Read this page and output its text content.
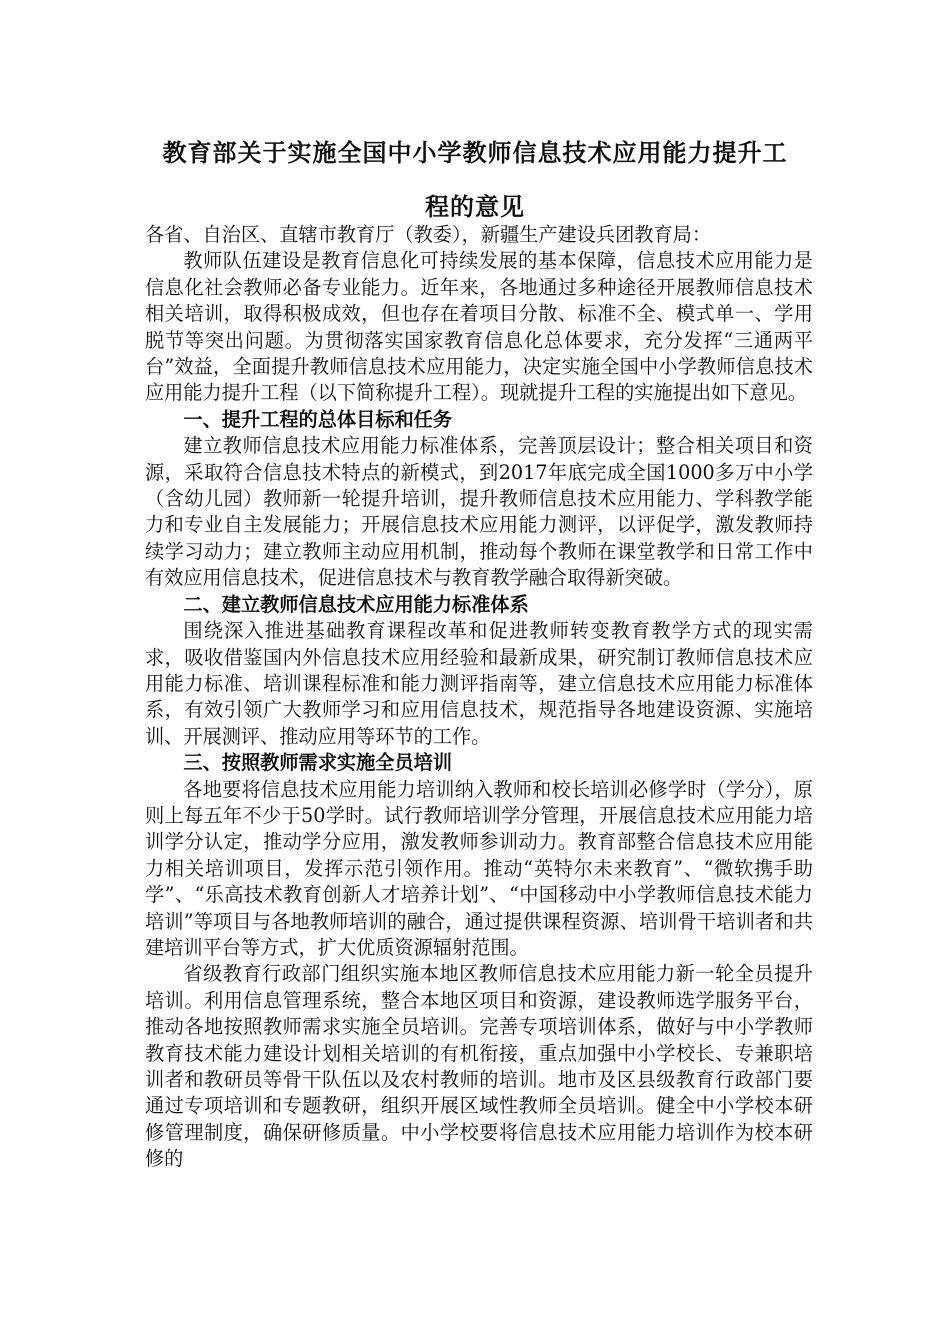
教育部关于实施全国中小学教师信息技术应用能力提升工
程的意见

各省、自治区、直辖市教育厅（教委），新疆生产建设兵团教育局：

教师队伍建设是教育信息化可持续发展的基本保障，信息技术应用能力是信息化社会教师必备专业能力。近年来，各地通过多种途径开展教师信息技术相关培训，取得积极成效，但也存在着项目分散、标准不全、模式单一、学用脱节等突出问题。为贯彻落实国家教育信息化总体要求，充分发挥“三通两平台”效益，全面提升教师信息技术应用能力，决定实施全国中小学教师信息技术应用能力提升工程（以下简称提升工程）。现就提升工程的实施提出如下意见。

一、提升工程的总体目标和任务

建立教师信息技术应用能力标准体系，完善顶层设计；整合相关项目和资源，采取符合信息技术特点的新模式，到2017年底完成全国1000多万中小学（含幼儿园）教师新一轮提升培训，提升教师信息技术应用能力、学科教学能力和专业自主发展能力；开展信息技术应用能力测评，以评促学，激发教师持续学习动力；建立教师主动应用机制，推动每个教师在课堂教学和日常工作中有效应用信息技术，促进信息技术与教育教学融合取得新突破。

二、建立教师信息技术应用能力标准体系

围绕深入推进基础教育课程改革和促进教师转变教育教学方式的现实需求，吸收借鉴国内外信息技术应用经验和最新成果，研究制订教师信息技术应用能力标准、培训课程标准和能力测评指南等，建立信息技术应用能力标准体系，有效引领广大教师学习和应用信息技术，规范指导各地建设资源、实施培训、开展测评、推动应用等环节的工作。

三、按照教师需求实施全员培训

各地要将信息技术应用能力培训纳入教师和校长培训必修学时（学分），原则上每五年不少于50学时。试行教师培训学分管理，开展信息技术应用能力培训学分认定，推动学分应用，激发教师参训动力。教育部整合信息技术应用能力相关培训项目，发挥示范引领作用。推动“英特尔未来教育”、“微软携手助学”、“乐高技术教育创新人才培养计划”、“中国移动中小学教师信息技术能力培训”等项目与各地教师培训的融合，通过提供课程资源、培训骨干培训者和共建培训平台等方式，扩大优质资源辐射范围。

省级教育行政部门组织实施本地区教师信息技术应用能力新一轮全员提升培训。利用信息管理系统，整合本地区项目和资源，建设教师选学服务平台，推动各地按照教师需求实施全员培训。完善专项培训体系，做好与中小学教师教育技术能力建设计划相关培训的有机衔接，重点加强中小学校长、专兼职培训者和教研员等骨干队伍以及农村教师的培训。地市及区县级教育行政部门要通过专项培训和专题教研，组织开展区域性教师全员培训。健全中小学校本研修管理制度，确保研修质量。中小学校要将信息技术应用能力培训作为校本研修的
